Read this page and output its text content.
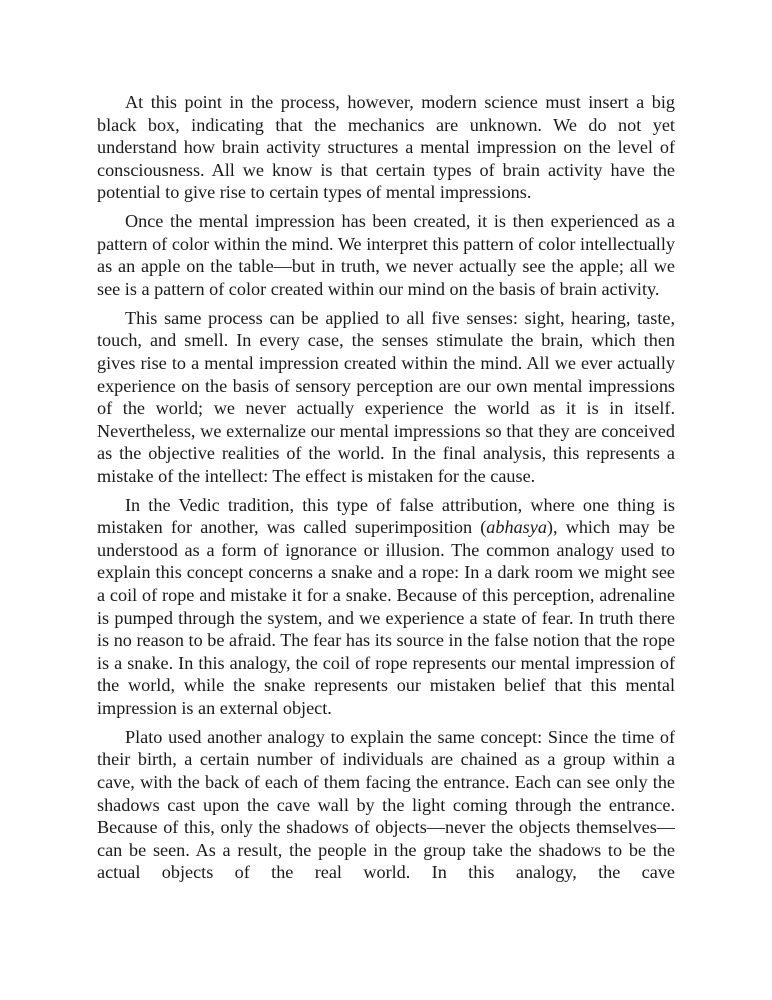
At this point in the process, however, modern science must insert a big black box, indicating that the mechanics are unknown. We do not yet understand how brain activity structures a mental impression on the level of consciousness. All we know is that certain types of brain activity have the potential to give rise to certain types of mental impressions.

Once the mental impression has been created, it is then experienced as a pattern of color within the mind. We interpret this pattern of color intellectually as an apple on the table—but in truth, we never actually see the apple; all we see is a pattern of color created within our mind on the basis of brain activity.

This same process can be applied to all five senses: sight, hearing, taste, touch, and smell. In every case, the senses stimulate the brain, which then gives rise to a mental impression created within the mind. All we ever actually experience on the basis of sensory perception are our own mental impressions of the world; we never actually experience the world as it is in itself. Nevertheless, we externalize our mental impressions so that they are conceived as the objective realities of the world. In the final analysis, this represents a mistake of the intellect: The effect is mistaken for the cause.

In the Vedic tradition, this type of false attribution, where one thing is mistaken for another, was called superimposition (abhasya), which may be understood as a form of ignorance or illusion. The common analogy used to explain this concept concerns a snake and a rope: In a dark room we might see a coil of rope and mistake it for a snake. Because of this perception, adrenaline is pumped through the system, and we experience a state of fear. In truth there is no reason to be afraid. The fear has its source in the false notion that the rope is a snake. In this analogy, the coil of rope represents our mental impression of the world, while the snake represents our mistaken belief that this mental impression is an external object.

Plato used another analogy to explain the same concept: Since the time of their birth, a certain number of individuals are chained as a group within a cave, with the back of each of them facing the entrance. Each can see only the shadows cast upon the cave wall by the light coming through the entrance. Because of this, only the shadows of objects—never the objects themselves—can be seen. As a result, the people in the group take the shadows to be the actual objects of the real world. In this analogy, the cave
